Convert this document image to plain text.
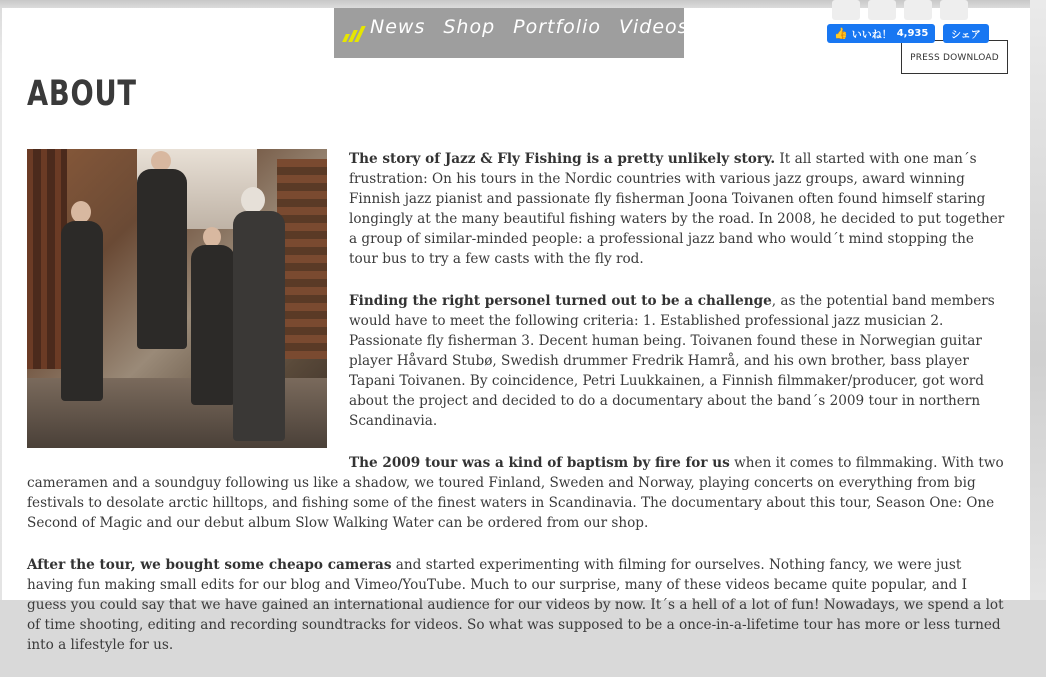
News Shop Portfolio Videos
PRESS DOWNLOAD
ABOUT

The story of Jazz & Fly Fishing is a pretty unlikely story. It all started with one man´s frustration: On his tours in the Nordic countries with various jazz groups, award winning Finnish jazz pianist and passionate fly fisherman Joona Toivanen often found himself staring longingly at the many beautiful fishing waters by the road. In 2008, he decided to put together a group of similar-minded people: a professional jazz band who would´t mind stopping the tour bus to try a few casts with the fly rod.

Finding the right personel turned out to be a challenge, as the potential band members would have to meet the following criteria: 1. Established professional jazz musician 2. Passionate fly fisherman 3. Decent human being. Toivanen found these in Norwegian guitar player Håvard Stubø, Swedish drummer Fredrik Hamrå, and his own brother, bass player Tapani Toivanen. By coincidence, Petri Luukkainen, a Finnish filmmaker/producer, got word about the project and decided to do a documentary about the band´s 2009 tour in northern Scandinavia.

The 2009 tour was a kind of baptism by fire for us when it comes to filmmaking. With two cameramen and a soundguy following us like a shadow, we toured Finland, Sweden and Norway, playing concerts on everything from big festivals to desolate arctic hilltops, and fishing some of the finest waters in Scandinavia. The documentary about this tour, Season One: One Second of Magic and our debut album Slow Walking Water can be ordered from our shop.

After the tour, we bought some cheapo cameras and started experimenting with filming for ourselves. Nothing fancy, we were just having fun making small edits for our blog and Vimeo/YouTube. Much to our surprise, many of these videos became quite popular, and I guess you could say that we have gained an international audience for our videos by now. It´s a hell of a lot of fun! Nowadays, we spend a lot of time shooting, editing and recording soundtracks for videos. So what was supposed to be a once-in-a-lifetime tour has more or less turned into a lifestyle for us.

👍 いいね！ 4,935	シェア
